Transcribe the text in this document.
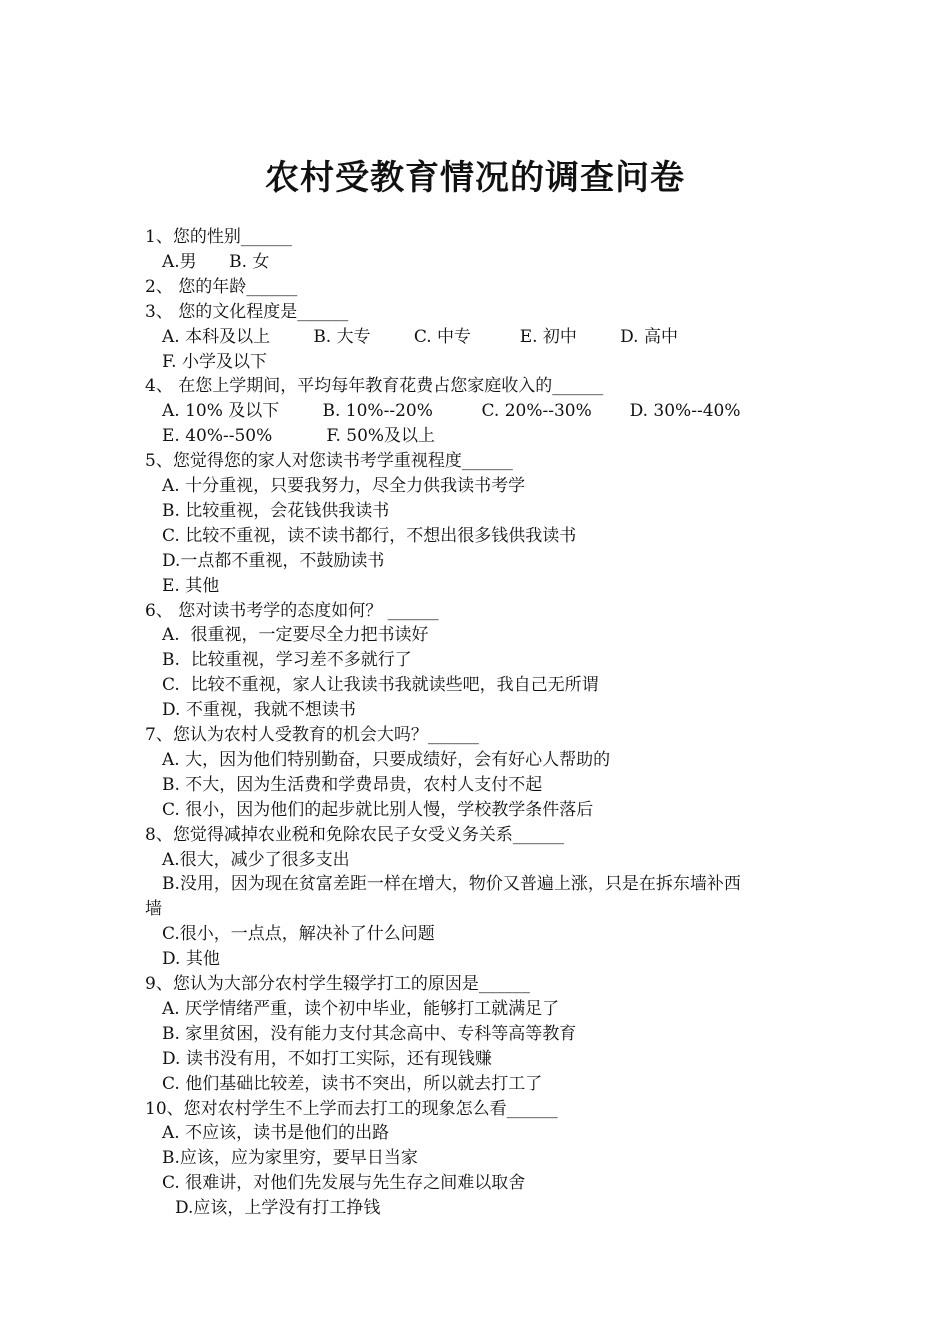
农村受教育情况的调查问卷
1、您的性别______
A.男      B. 女
2、 您的年龄______
3、 您的文化程度是______
A. 本科及以上        B. 大专        C. 中专         E. 初中        D. 高中
F. 小学及以下
4、 在您上学期间，平均每年教育花费占您家庭收入的______
A. 10% 及以下        B. 10%--20%         C. 20%--30%       D. 30%--40%
E. 40%--50%          F. 50%及以上
5、您觉得您的家人对您读书考学重视程度______
A. 十分重视，只要我努力，尽全力供我读书考学
B. 比较重视，会花钱供我读书
C. 比较不重视，读不读书都行，不想出很多钱供我读书
D.一点都不重视，不鼓励读书
E. 其他
6、 您对读书考学的态度如何？ ______
A.  很重视，一定要尽全力把书读好
B.  比较重视，学习差不多就行了
C.  比较不重视，家人让我读书我就读些吧，我自己无所谓
D. 不重视，我就不想读书
7、您认为农村人受教育的机会大吗？______
A. 大，因为他们特别勤奋，只要成绩好，会有好心人帮助的
B. 不大，因为生活费和学费昂贵，农村人支付不起
C. 很小，因为他们的起步就比别人慢，学校教学条件落后
8、您觉得减掉农业税和免除农民子女受义务关系______
A.很大，减少了很多支出
B.没用，因为现在贫富差距一样在增大，物价又普遍上涨，只是在拆东墙补西
墙
C.很小，一点点，解决补了什么问题
D. 其他
9、您认为大部分农村学生辍学打工的原因是______
A. 厌学情绪严重，读个初中毕业，能够打工就满足了
B. 家里贫困，没有能力支付其念高中、专科等高等教育
D. 读书没有用，不如打工实际，还有现钱赚
C. 他们基础比较差，读书不突出，所以就去打工了
10、您对农村学生不上学而去打工的现象怎么看______
A. 不应该，读书是他们的出路
B.应该，应为家里穷，要早日当家
C. 很难讲，对他们先发展与先生存之间难以取舍
D.应该，上学没有打工挣钱
